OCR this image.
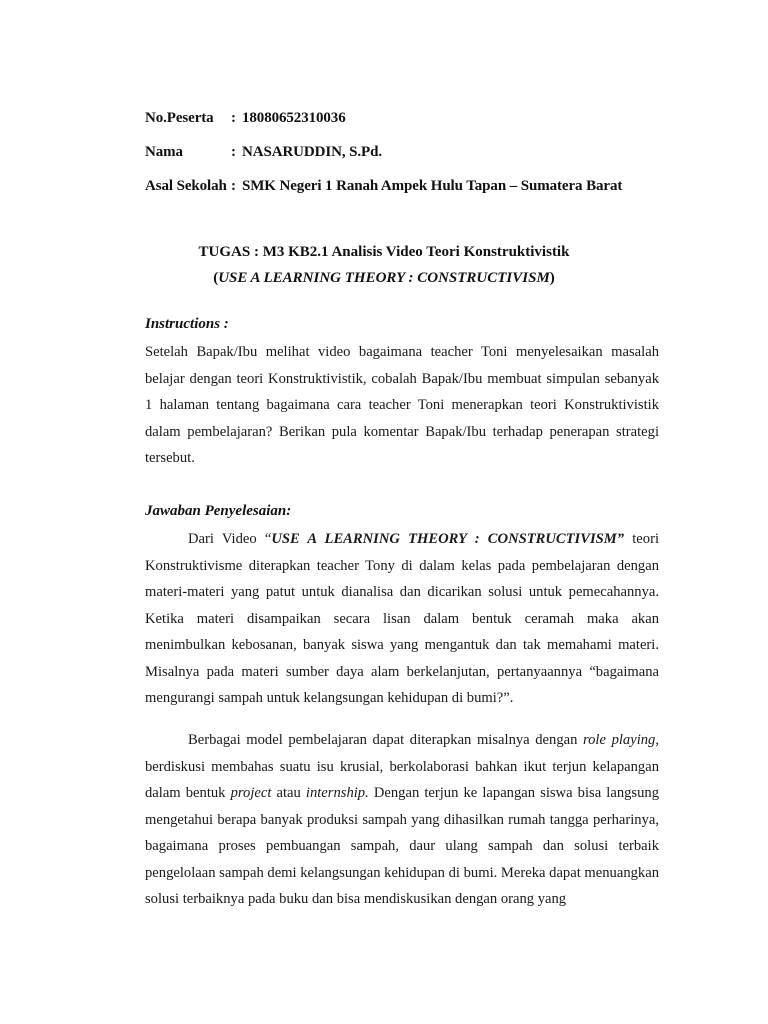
No.Peserta : 18080652310036
Nama	: NASARUDDIN, S.Pd.
Asal Sekolah : SMK Negeri 1 Ranah Ampek Hulu Tapan – Sumatera Barat
TUGAS : M3 KB2.1 Analisis Video Teori Konstruktivistik
(USE A LEARNING THEORY : CONSTRUCTIVISM)
Instructions :
Setelah Bapak/Ibu melihat video bagaimana teacher Toni menyelesaikan masalah belajar dengan teori Konstruktivistik, cobalah Bapak/Ibu membuat simpulan sebanyak 1 halaman tentang bagaimana cara teacher Toni menerapkan teori Konstruktivistik dalam pembelajaran? Berikan pula komentar Bapak/Ibu terhadap penerapan strategi tersebut.
Jawaban Penyelesaian:
Dari Video “USE A LEARNING THEORY : CONSTRUCTIVISM” teori Konstruktivisme diterapkan teacher Tony di dalam kelas pada pembelajaran dengan materi-materi yang patut untuk dianalisa dan dicarikan solusi untuk pemecahannya. Ketika materi disampaikan secara lisan dalam bentuk ceramah maka akan menimbulkan kebosanan, banyak siswa yang mengantuk dan tak memahami materi. Misalnya pada materi sumber daya alam berkelanjutan, pertanyaannya “bagaimana mengurangi sampah untuk kelangsungan kehidupan di bumi?”.
Berbagai model pembelajaran dapat diterapkan misalnya dengan role playing, berdiskusi membahas suatu isu krusial, berkolaborasi bahkan ikut terjun kelapangan dalam bentuk project atau internship. Dengan terjun ke lapangan siswa bisa langsung mengetahui berapa banyak produksi sampah yang dihasilkan rumah tangga perharinya, bagaimana proses pembuangan sampah, daur ulang sampah dan solusi terbaik pengelolaan sampah demi kelangsungan kehidupan di bumi. Mereka dapat menuangkan solusi terbaiknya pada buku dan bisa mendiskusikan dengan orang yang
